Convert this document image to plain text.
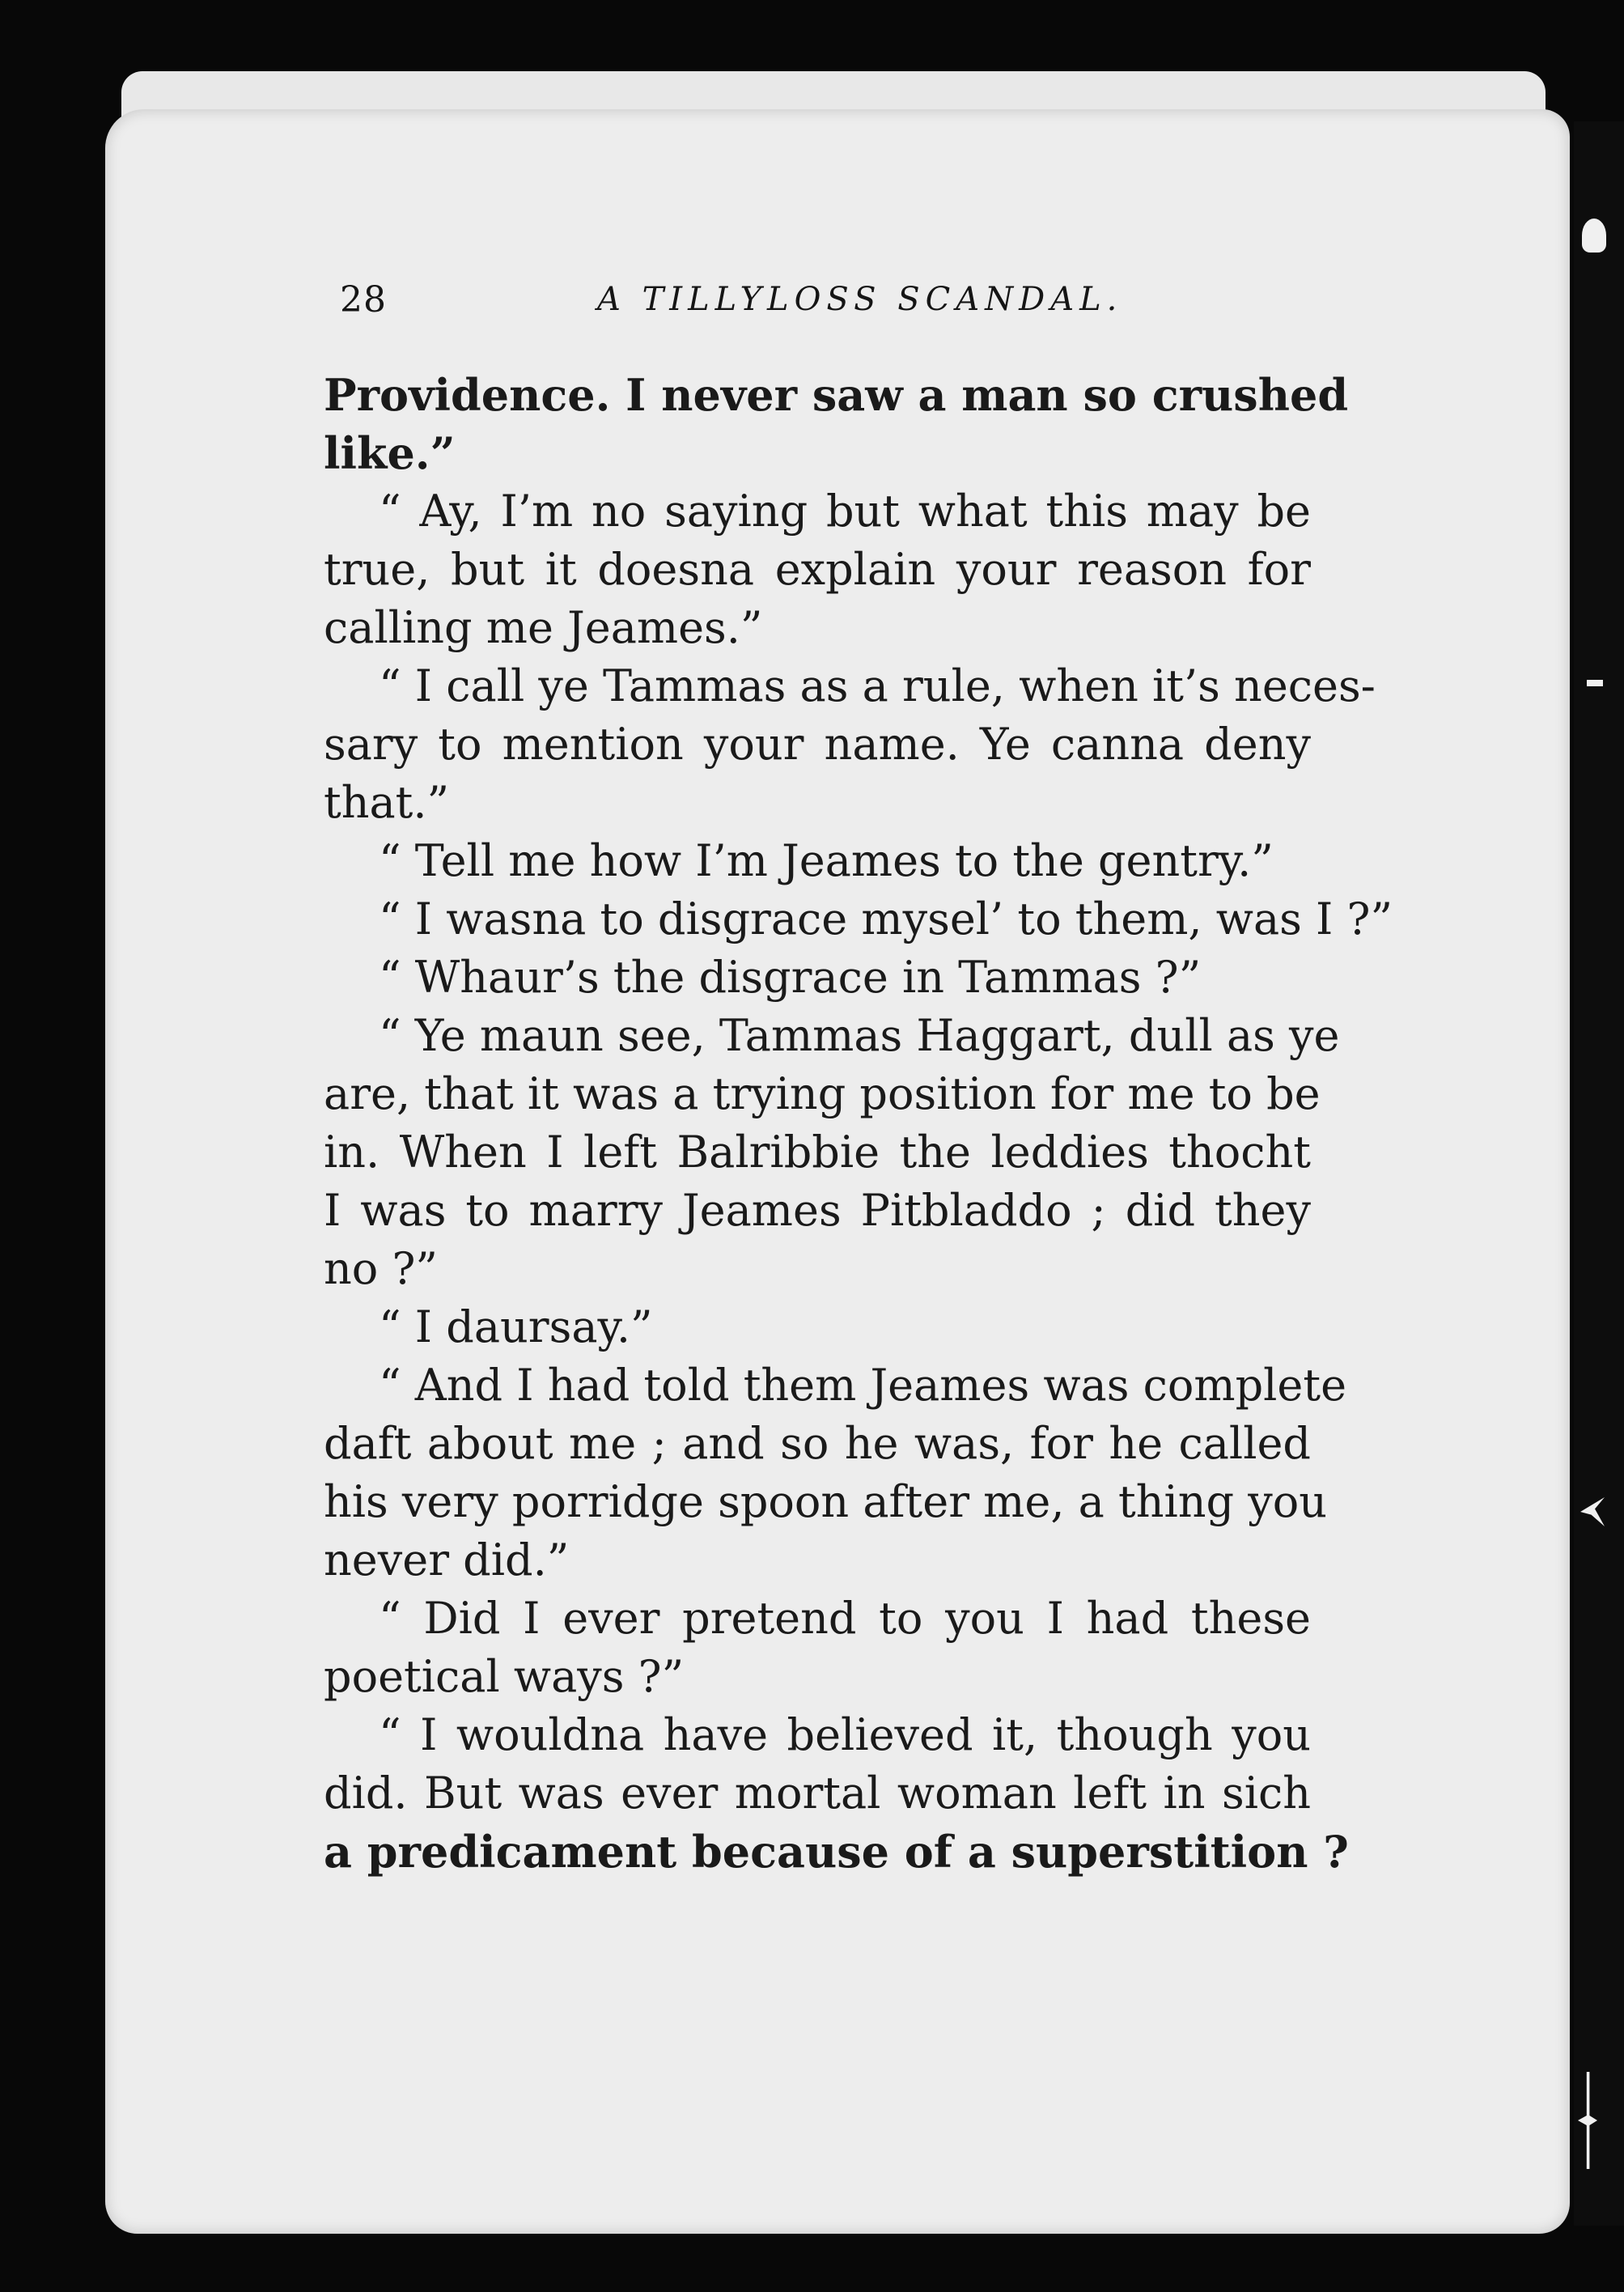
28	A TILLYLOSS SCANDAL.
Providence. I never saw a man so crushed
like.”
“ Ay, I’m no saying but what this may be
true, but it doesna explain your reason for
calling me Jeames.”
“ I call ye Tammas as a rule, when it’s neces-
sary to mention your name. Ye canna deny
that.”
“ Tell me how I’m Jeames to the gentry.”
“ I wasna to disgrace mysel’ to them, was I ?”
“ Whaur’s the disgrace in Tammas ?”
“ Ye maun see, Tammas Haggart, dull as ye
are, that it was a trying position for me to be
in. When I left Balribbie the leddies thocht
I was to marry Jeames Pitbladdo ; did they
no ?”
“ I daursay.”
“ And I had told them Jeames was complete
daft about me ; and so he was, for he called
his very porridge spoon after me, a thing you
never did.”
“ Did I ever pretend to you I had these
poetical ways ?”
“ I wouldna have believed it, though you
did. But was ever mortal woman left in sich
a predicament because of a superstition ?
